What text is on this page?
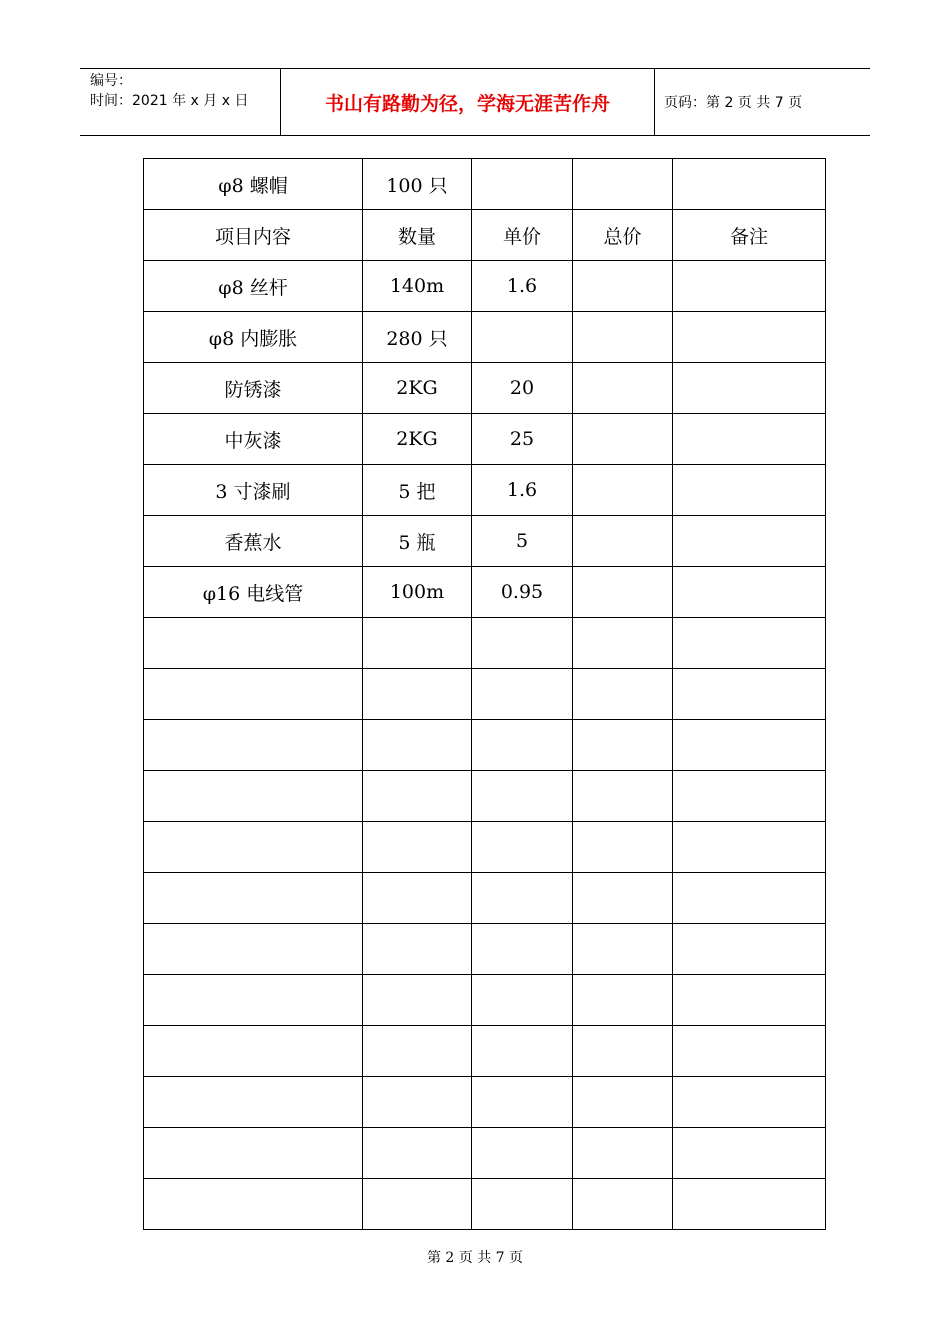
编号：
时间：2021 年 x 月 x 日	书山有路勤为径，学海无涯苦作舟	页码：第 2 页 共 7 页
φ8 螺帽	100 只			
项目内容	数量	单价	总价	备注
φ8 丝杆	140m	1.6		
φ8 内膨胀	280 只			
防锈漆	2KG	20		
中灰漆	2KG	25		
3 寸漆刷	5 把	1.6		
香蕉水	5 瓶	5		
φ16 电线管	100m	0.95		

第 2 页 共 7 页
